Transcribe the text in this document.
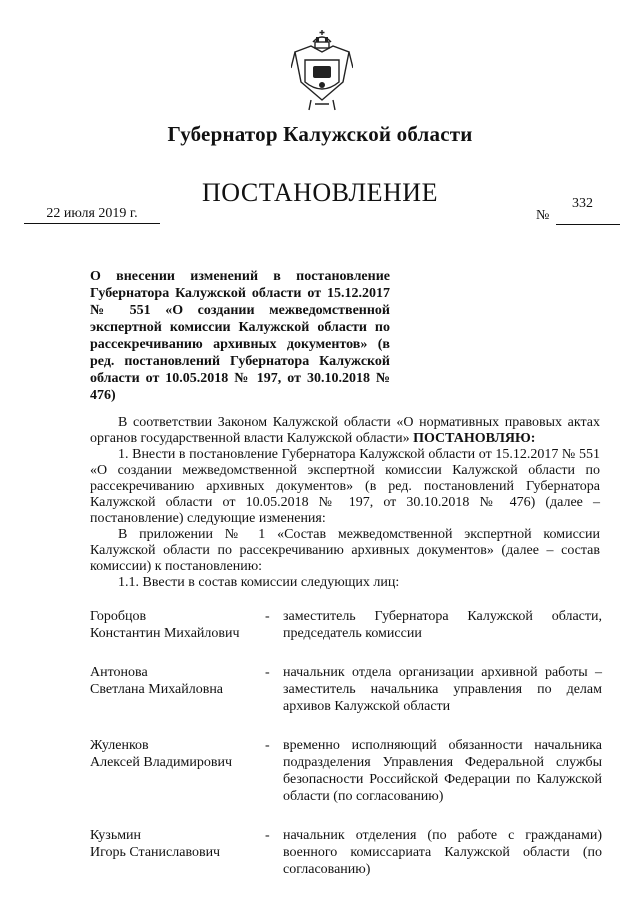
Губернатор Калужской области
ПОСТАНОВЛЕНИЕ
22 июля 2019 г.	№
332
О внесении изменений в постановление Губернатора Калужской области от 15.12.2017 № 551 «О создании межведомственной экспертной комиссии Калужской области по рассекречиванию архивных документов» (в ред. постановлений Губернатора Калужской области от 10.05.2018 № 197, от 30.10.2018 № 476)

В соответствии Законом Калужской области «О нормативных правовых актах органов государственной власти Калужской области» ПОСТАНОВЛЯЮ:

1. Внести в постановление Губернатора Калужской области от 15.12.2017 № 551 «О создании межведомственной экспертной комиссии Калужской области по рассекречиванию архивных документов» (в ред. постановлений Губернатора Калужской области от 10.05.2018 № 197, от 30.10.2018 № 476) (далее – постановление) следующие изменения:

В приложении № 1 «Состав межведомственной экспертной комиссии Калужской области по рассекречиванию архивных документов» (далее – состав комиссии) к постановлению:

1.1. Ввести в состав комиссии следующих лиц:

Горобцов
Константин Михайлович
- заместитель Губернатора Калужской области, председатель комиссии
Антонова
Светлана Михайловна
- начальник отдела организации архивной работы – заместитель начальника управления по делам архивов Калужской области
Жуленков
Алексей Владимирович
- временно исполняющий обязанности начальника подразделения Управления Федеральной службы безопасности Российской Федерации по Калужской области (по согласованию)
Кузьмин
Игорь Станиславович
- начальник отделения (по работе с гражданами) военного комиссариата Калужской области (по согласованию)
